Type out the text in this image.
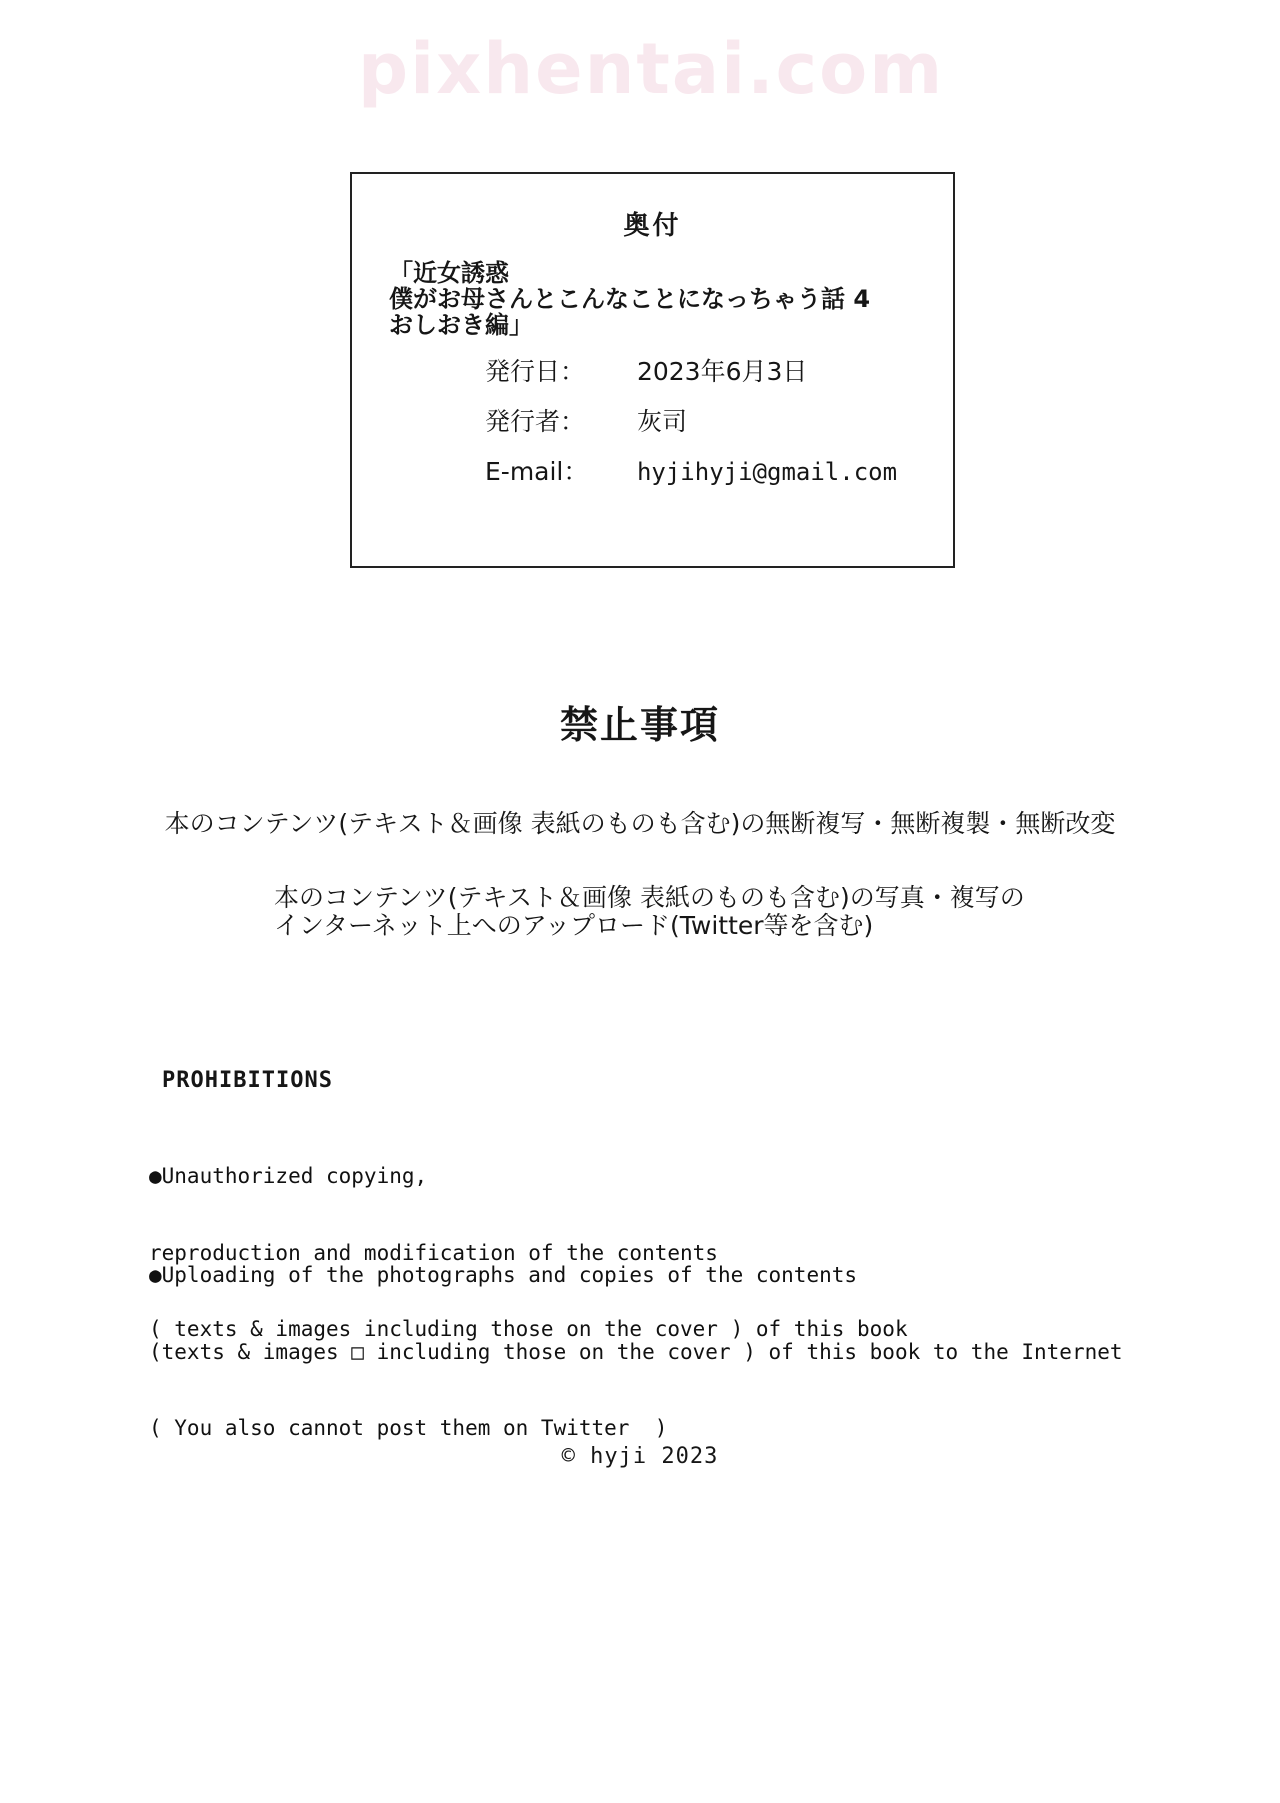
pixhentai.com
奥付
「近女誘惑
僕がお母さんとこんなことになっちゃう話 4
おしおき編」
発行日： 2023年6月3日
発行者： 灰司
E-mail： hyjihyji@gmail.com
禁止事項
本のコンテンツ(テキスト＆画像 表紙のものも含む)の無断複写・無断複製・無断改変
本のコンテンツ(テキスト＆画像 表紙のものも含む)の写真・複写の
インターネット上へのアップロード(Twitter等を含む)
PROHIBITIONS

●Unauthorized copying,

reproduction and modification of the contents

( texts & images including those on the cover ) of this book

●Uploading of the photographs and copies of the contents

(texts & images □ including those on the cover ) of this book to the Internet

( You also cannot post them on Twitter  )

© hyji 2023
